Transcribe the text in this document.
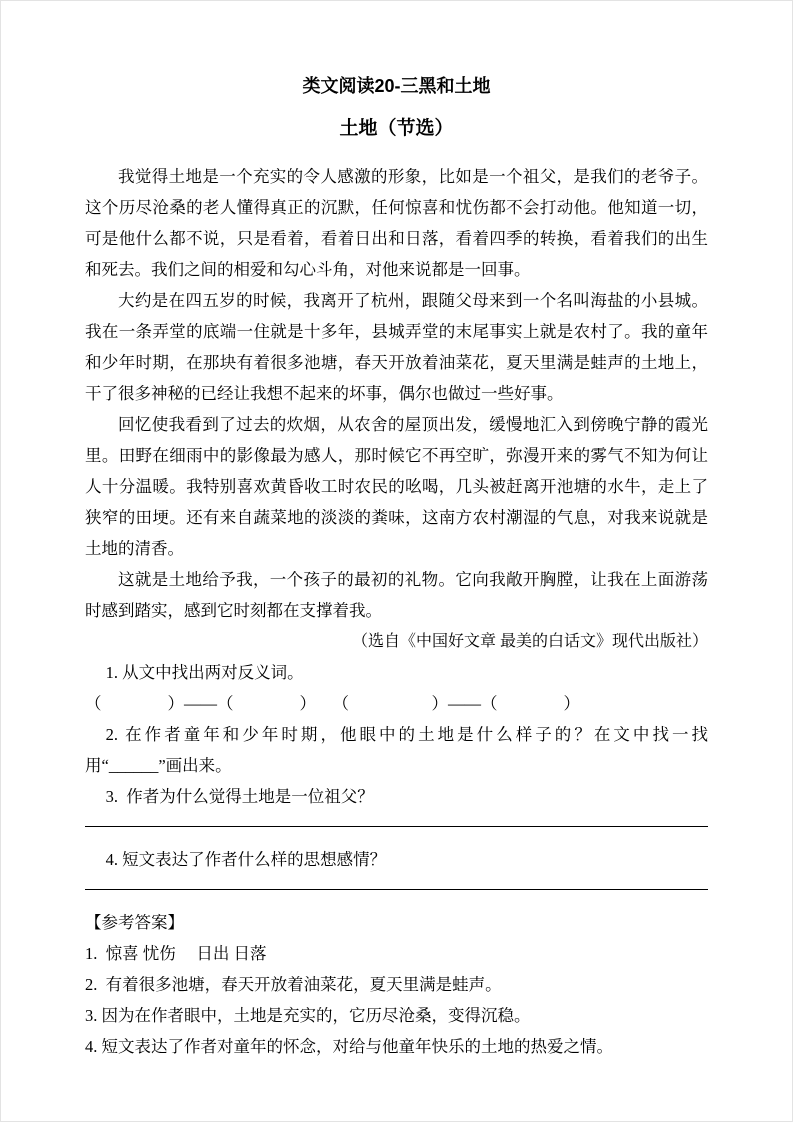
类文阅读20-三黑和土地
土地（节选）

我觉得土地是一个充实的令人感激的形象，比如是一个祖父，是我们的老爷子。这个历尽沧桑的老人懂得真正的沉默，任何惊喜和忧伤都不会打动他。他知道一切，可是他什么都不说，只是看着，看着日出和日落，看着四季的转换，看着我们的出生和死去。我们之间的相爱和勾心斗角，对他来说都是一回事。

大约是在四五岁的时候，我离开了杭州，跟随父母来到一个名叫海盐的小县城。我在一条弄堂的底端一住就是十多年，县城弄堂的末尾事实上就是农村了。我的童年和少年时期，在那块有着很多池塘，春天开放着油菜花，夏天里满是蛙声的土地上，干了很多神秘的已经让我想不起来的坏事，偶尔也做过一些好事。

回忆使我看到了过去的炊烟，从农舍的屋顶出发，缓慢地汇入到傍晚宁静的霞光里。田野在细雨中的影像最为感人，那时候它不再空旷，弥漫开来的雾气不知为何让人十分温暖。我特别喜欢黄昏收工时农民的吆喝，几头被赶离开池塘的水牛，走上了狭窄的田埂。还有来自蔬菜地的淡淡的粪味，这南方农村潮湿的气息，对我来说就是土地的清香。

这就是土地给予我，一个孩子的最初的礼物。它向我敞开胸膛，让我在上面游荡时感到踏实，感到它时刻都在支撑着我。

（选自《中国好文章 最美的白话文》现代出版社）

1. 从文中找出两对反义词。

（　　　　）——（　　　　）　　（　　　　　）——（　　　　）

2. 在作者童年和少年时期，他眼中的土地是什么样子的？在文中找一找用“______”画出来。

3.  作者为什么觉得土地是一位祖父？

4. 短文表达了作者什么样的思想感情？

【参考答案】

1.  惊喜 忧伤　 日出 日落

2.  有着很多池塘，春天开放着油菜花，夏天里满是蛙声。

3. 因为在作者眼中，土地是充实的，它历尽沧桑，变得沉稳。

4. 短文表达了作者对童年的怀念，对给与他童年快乐的土地的热爱之情。
